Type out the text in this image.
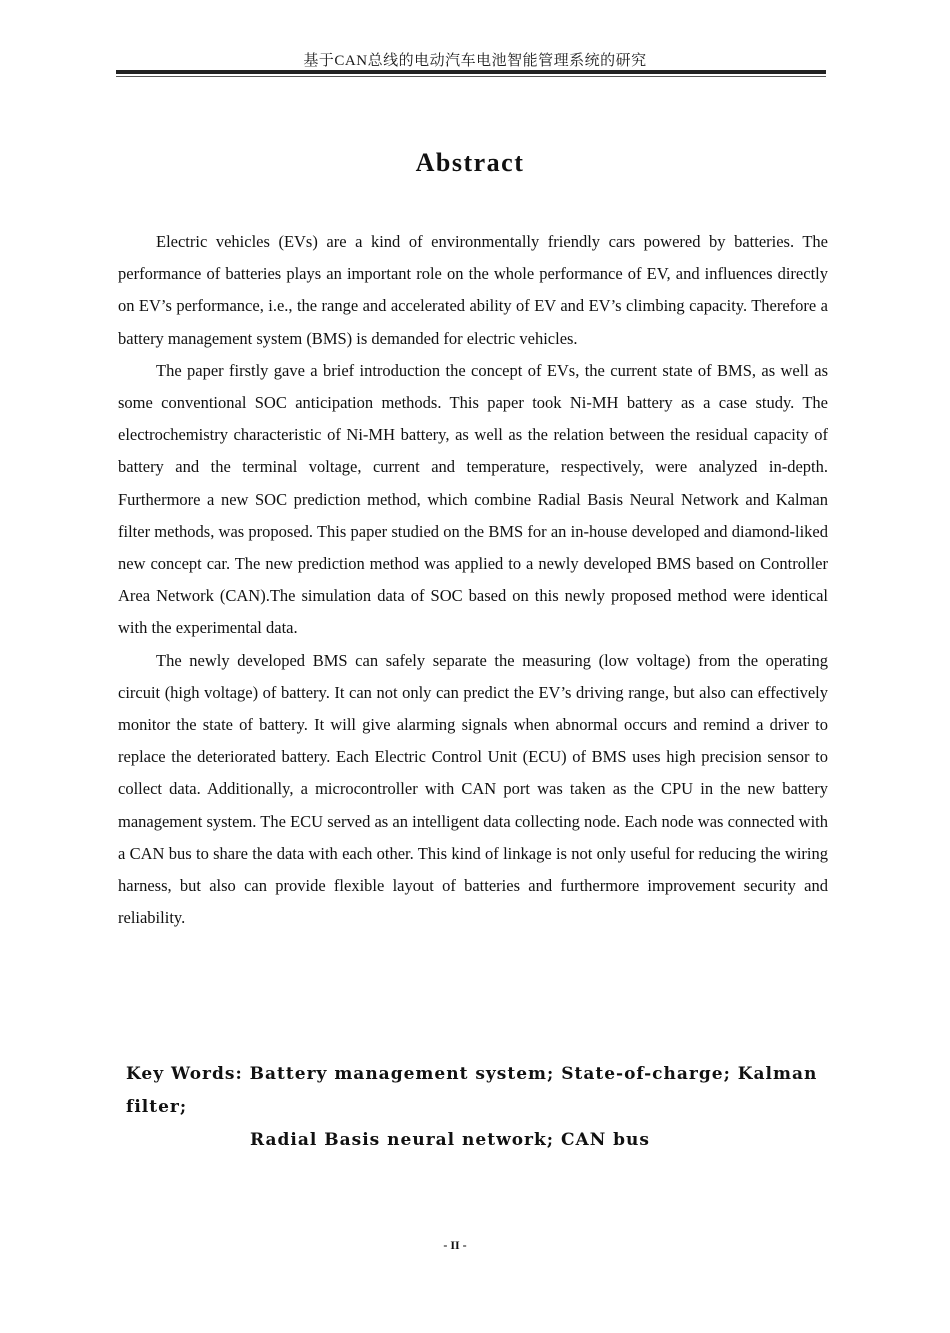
基于CAN总线的电动汽车电池智能管理系统的研究
Abstract

Electric vehicles (EVs) are a kind of environmentally friendly cars powered by batteries. The performance of batteries plays an important role on the whole performance of EV, and influences directly on EV’s performance, i.e., the range and accelerated ability of EV and EV’s climbing capacity. Therefore a battery management system (BMS) is demanded for electric vehicles.

The paper firstly gave a brief introduction the concept of EVs, the current state of BMS, as well as some conventional SOC anticipation methods. This paper took Ni-MH battery as a case study. The electrochemistry characteristic of Ni-MH battery, as well as the relation between the residual capacity of battery and the terminal voltage, current and temperature, respectively, were analyzed in-depth. Furthermore a new SOC prediction method, which combine Radial Basis Neural Network and Kalman filter methods, was proposed. This paper studied on the BMS for an in-house developed and diamond-liked new concept car. The new prediction method was applied to a newly developed BMS based on Controller Area Network (CAN).The simulation data of SOC based on this newly proposed method were identical with the experimental data.

The newly developed BMS can safely separate the measuring (low voltage) from the operating circuit (high voltage) of battery. It can not only can predict the EV’s driving range, but also can effectively monitor the state of battery. It will give alarming signals when abnormal occurs and remind a driver to replace the deteriorated battery. Each Electric Control Unit (ECU) of BMS uses high precision sensor to collect data. Additionally, a microcontroller with CAN port was taken as the CPU in the new battery management system. The ECU served as an intelligent data collecting node. Each node was connected with a CAN bus to share the data with each other. This kind of linkage is not only useful for reducing the wiring harness, but also can provide flexible layout of batteries and furthermore improvement security and reliability.

Key Words: Battery management system; State-of-charge; Kalman filter;
Radial Basis neural network; CAN bus
- II -
